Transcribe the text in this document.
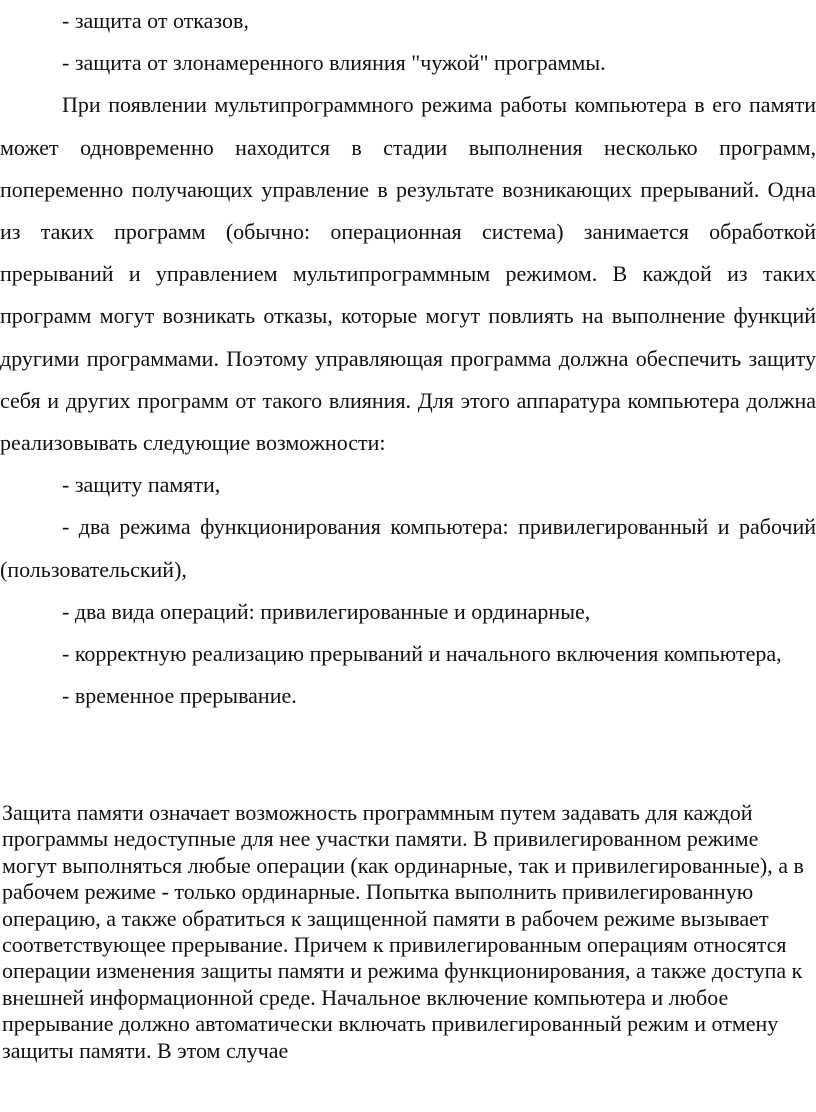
- защита от отказов,

- защита от злонамеренного влияния "чужой" программы.

При появлении мультипрограммного режима работы компьютера в его памяти может одновременно находится в стадии выполнения несколько программ, попеременно получающих управление в результате возникающих прерываний. Одна из таких программ (обычно: операционная система) занимается обработкой прерываний и управлением мультипрограммным режимом. В каждой из таких программ могут возникать отказы, которые могут повлиять на выполнение функций другими программами. Поэтому управляющая программа должна обеспечить защиту себя и других программ от такого влияния. Для этого аппаратура компьютера должна реализовывать следующие возможности:

- защиту памяти,

- два режима функционирования компьютера: привилегированный и рабочий (пользовательский),

- два вида операций: привилегированные и ординарные,

- корректную реализацию прерываний и начального включения компьютера,

- временное прерывание.

Защита памяти означает возможность программным путем задавать для каждой программы недоступные для нее участки памяти. В привилегированном режиме могут выполняться любые операции (как ординарные, так и привилегированные), а в рабочем режиме - только ординарные. Попытка выполнить привилегированную операцию, а также обратиться к защищенной памяти в рабочем режиме вызывает соответствующее прерывание. Причем к привилегированным операциям относятся операции изменения защиты памяти и режима функционирования, а также доступа к внешней информационной среде. Начальное включение компьютера и любое прерывание должно автоматически включать привилегированный режим и отмену защиты памяти. В этом случае
